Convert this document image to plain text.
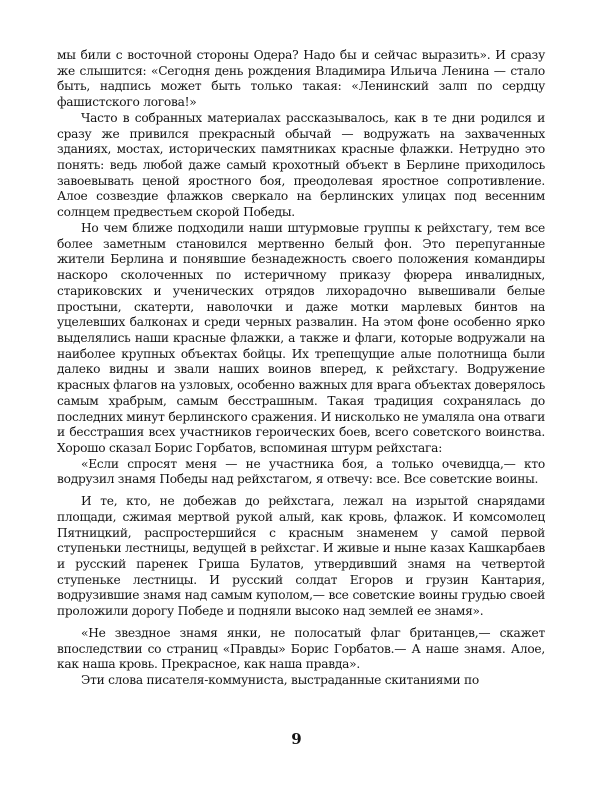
мы били с восточной стороны Одера? Надо бы и сейчас выразить». И сразу же слышится: «Сегодня день рождения Владимира Ильича Ленина — стало быть, надпись может быть только такая: «Ленинский залп по сердцу фашистского логова!»

Часто в собранных материалах рассказывалось, как в те дни родился и сразу же привился прекрасный обычай — водружать на захваченных зданиях, мостах, исторических памятниках красные флажки. Нетрудно это понять: ведь любой даже самый крохотный объект в Берлине приходилось завоевывать ценой яростного боя, преодолевая яростное сопротивление. Алое созвездие флажков сверкало на берлинских улицах под весенним солнцем предвестьем скорой Победы.

Но чем ближе подходили наши штурмовые группы к рейхстагу, тем все более заметным становился мертвенно белый фон. Это перепуганные жители Берлина и понявшие безнадежность своего положения командиры наскоро сколоченных по истеричному приказу фюрера инвалидных, стариковских и ученических отрядов лихорадочно вывешивали белые простыни, скатерти, наволочки и даже мотки марлевых бинтов на уцелевших балконах и среди черных развалин. На этом фоне особенно ярко выделялись наши красные флажки, а также и флаги, которые водружали на наиболее крупных объектах бойцы. Их трепещущие алые полотнища были далеко видны и звали наших воинов вперед, к рейхстагу. Водружение красных флагов на узловых, особенно важных для врага объектах доверялось самым храбрым, самым бесстрашным. Такая традиция сохранялась до последних минут берлинского сражения. И нисколько не умаляла она отваги и бесстрашия всех участников героических боев, всего советского воинства. Хорошо сказал Борис Горбатов, вспоминая штурм рейхстага:

«Если спросят меня — не участника боя, а только очевидца,— кто водрузил знамя Победы над рейхстагом, я отвечу: все. Все советские воины.

И те, кто, не добежав до рейхстага, лежал на изрытой снарядами площади, сжимая мертвой рукой алый, как кровь, флажок. И комсомолец Пятницкий, распростершийся с красным знаменем у самой первой ступеньки лестницы, ведущей в рейхстаг. И живые и ныне казах Кашкарбаев и русский паренек Гриша Булатов, утвердивший знамя на четвертой ступеньке лестницы. И русский солдат Егоров и грузин Кантария, водрузившие знамя над самым куполом,— все советские воины грудью своей проложили дорогу Победе и подняли высоко над землей ее знамя».

«Не звездное знамя янки, не полосатый флаг британцев,— скажет впоследствии со страниц «Правды» Борис Горбатов.— А наше знамя. Алое, как наша кровь. Прекрасное, как наша правда».

Эти слова писателя-коммуниста, выстраданные скитаниями по

9
